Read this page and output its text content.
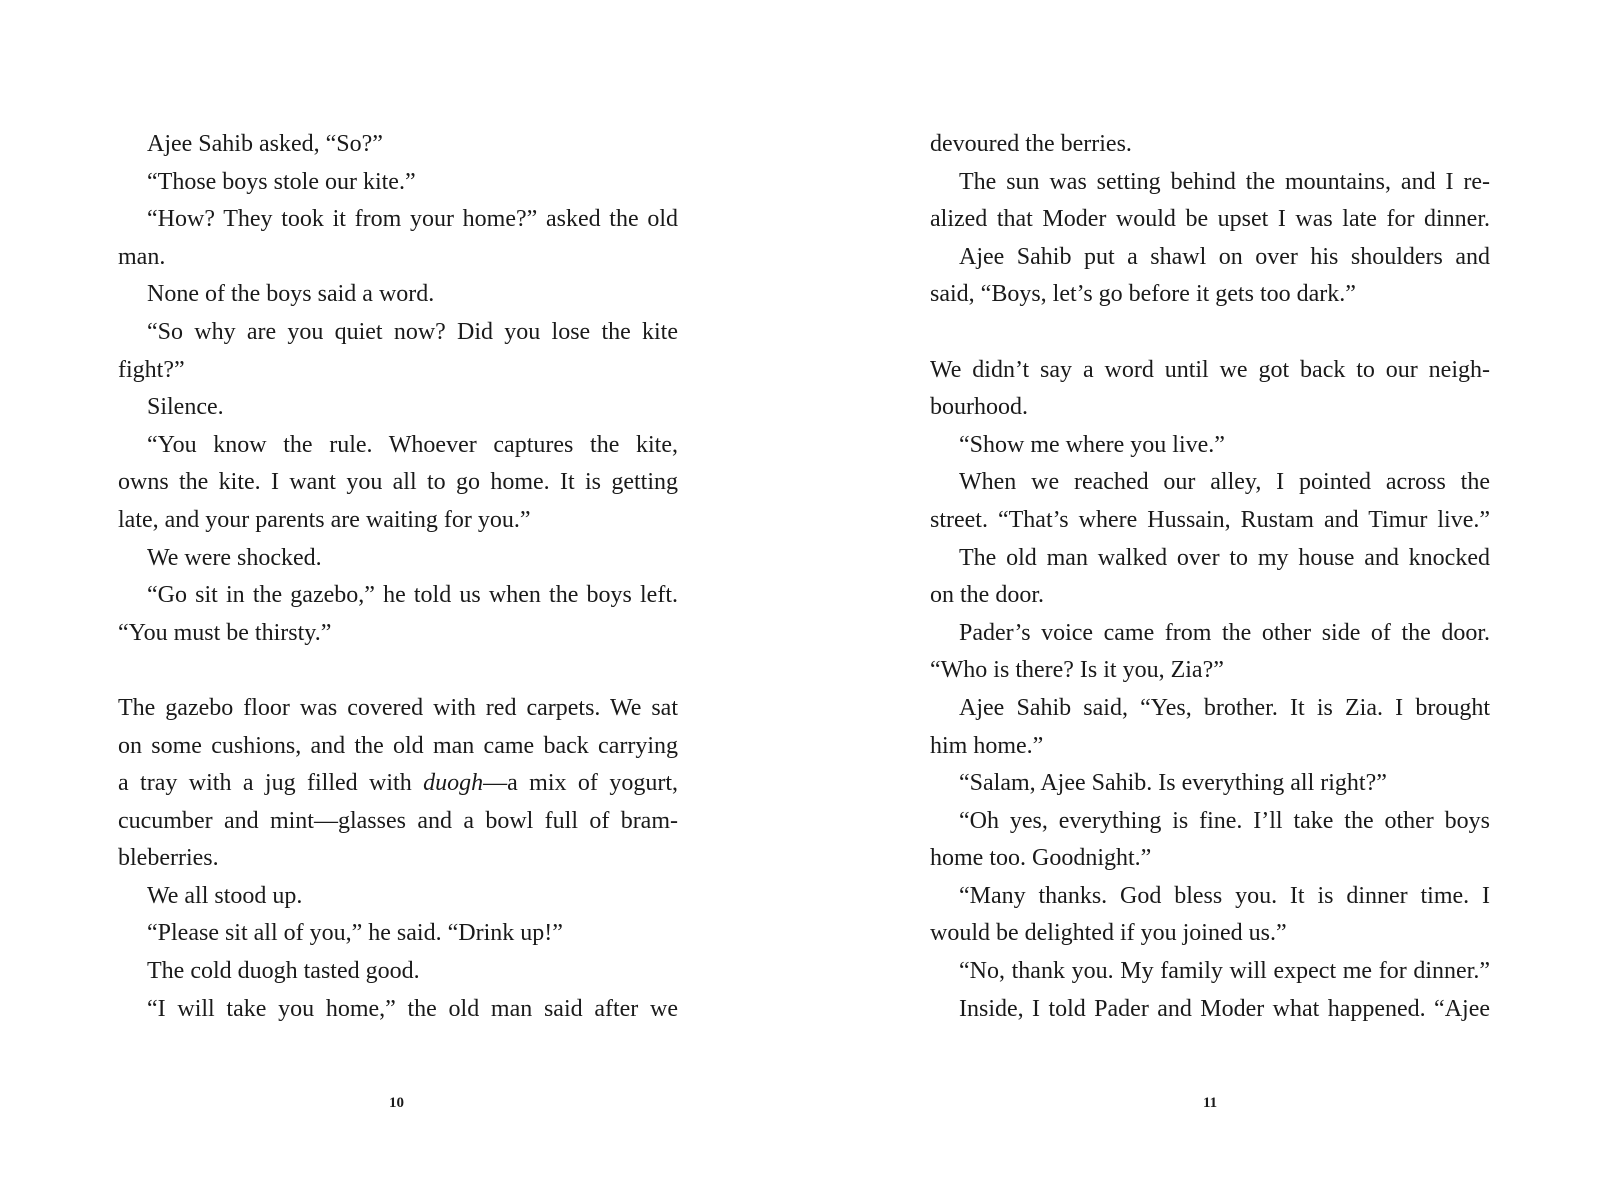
Ajee Sahib asked, “So?”
“Those boys stole our kite.”
“How? They took it from your home?” asked the old
man.
None of the boys said a word.
“So why are you quiet now? Did you lose the kite
fight?”
Silence.
“You know the rule. Whoever captures the kite,
owns the kite. I want you all to go home. It is getting
late, and your parents are waiting for you.”
We were shocked.
“Go sit in the gazebo,” he told us when the boys left.
“You must be thirsty.”
The gazebo floor was covered with red carpets. We sat
on some cushions, and the old man came back carrying
a tray with a jug filled with duogh—a mix of yogurt,
cucumber and mint—glasses and a bowl full of bram-
bleberries.
We all stood up.
“Please sit all of you,” he said. “Drink up!”
The cold duogh tasted good.
“I will take you home,” the old man said after we
devoured the berries.
The sun was setting behind the mountains, and I re-
alized that Moder would be upset I was late for dinner.
Ajee Sahib put a shawl on over his shoulders and
said, “Boys, let’s go before it gets too dark.”
We didn’t say a word until we got back to our neigh-
bourhood.
“Show me where you live.”
When we reached our alley, I pointed across the
street. “That’s where Hussain, Rustam and Timur live.”
The old man walked over to my house and knocked
on the door.
Pader’s voice came from the other side of the door.
“Who is there? Is it you, Zia?”
Ajee Sahib said, “Yes, brother. It is Zia. I brought
him home.”
“Salam, Ajee Sahib. Is everything all right?”
“Oh yes, everything is fine. I’ll take the other boys
home too. Goodnight.”
“Many thanks. God bless you. It is dinner time. I
would be delighted if you joined us.”
“No, thank you. My family will expect me for dinner.”
Inside, I told Pader and Moder what happened. “Ajee
10	11
